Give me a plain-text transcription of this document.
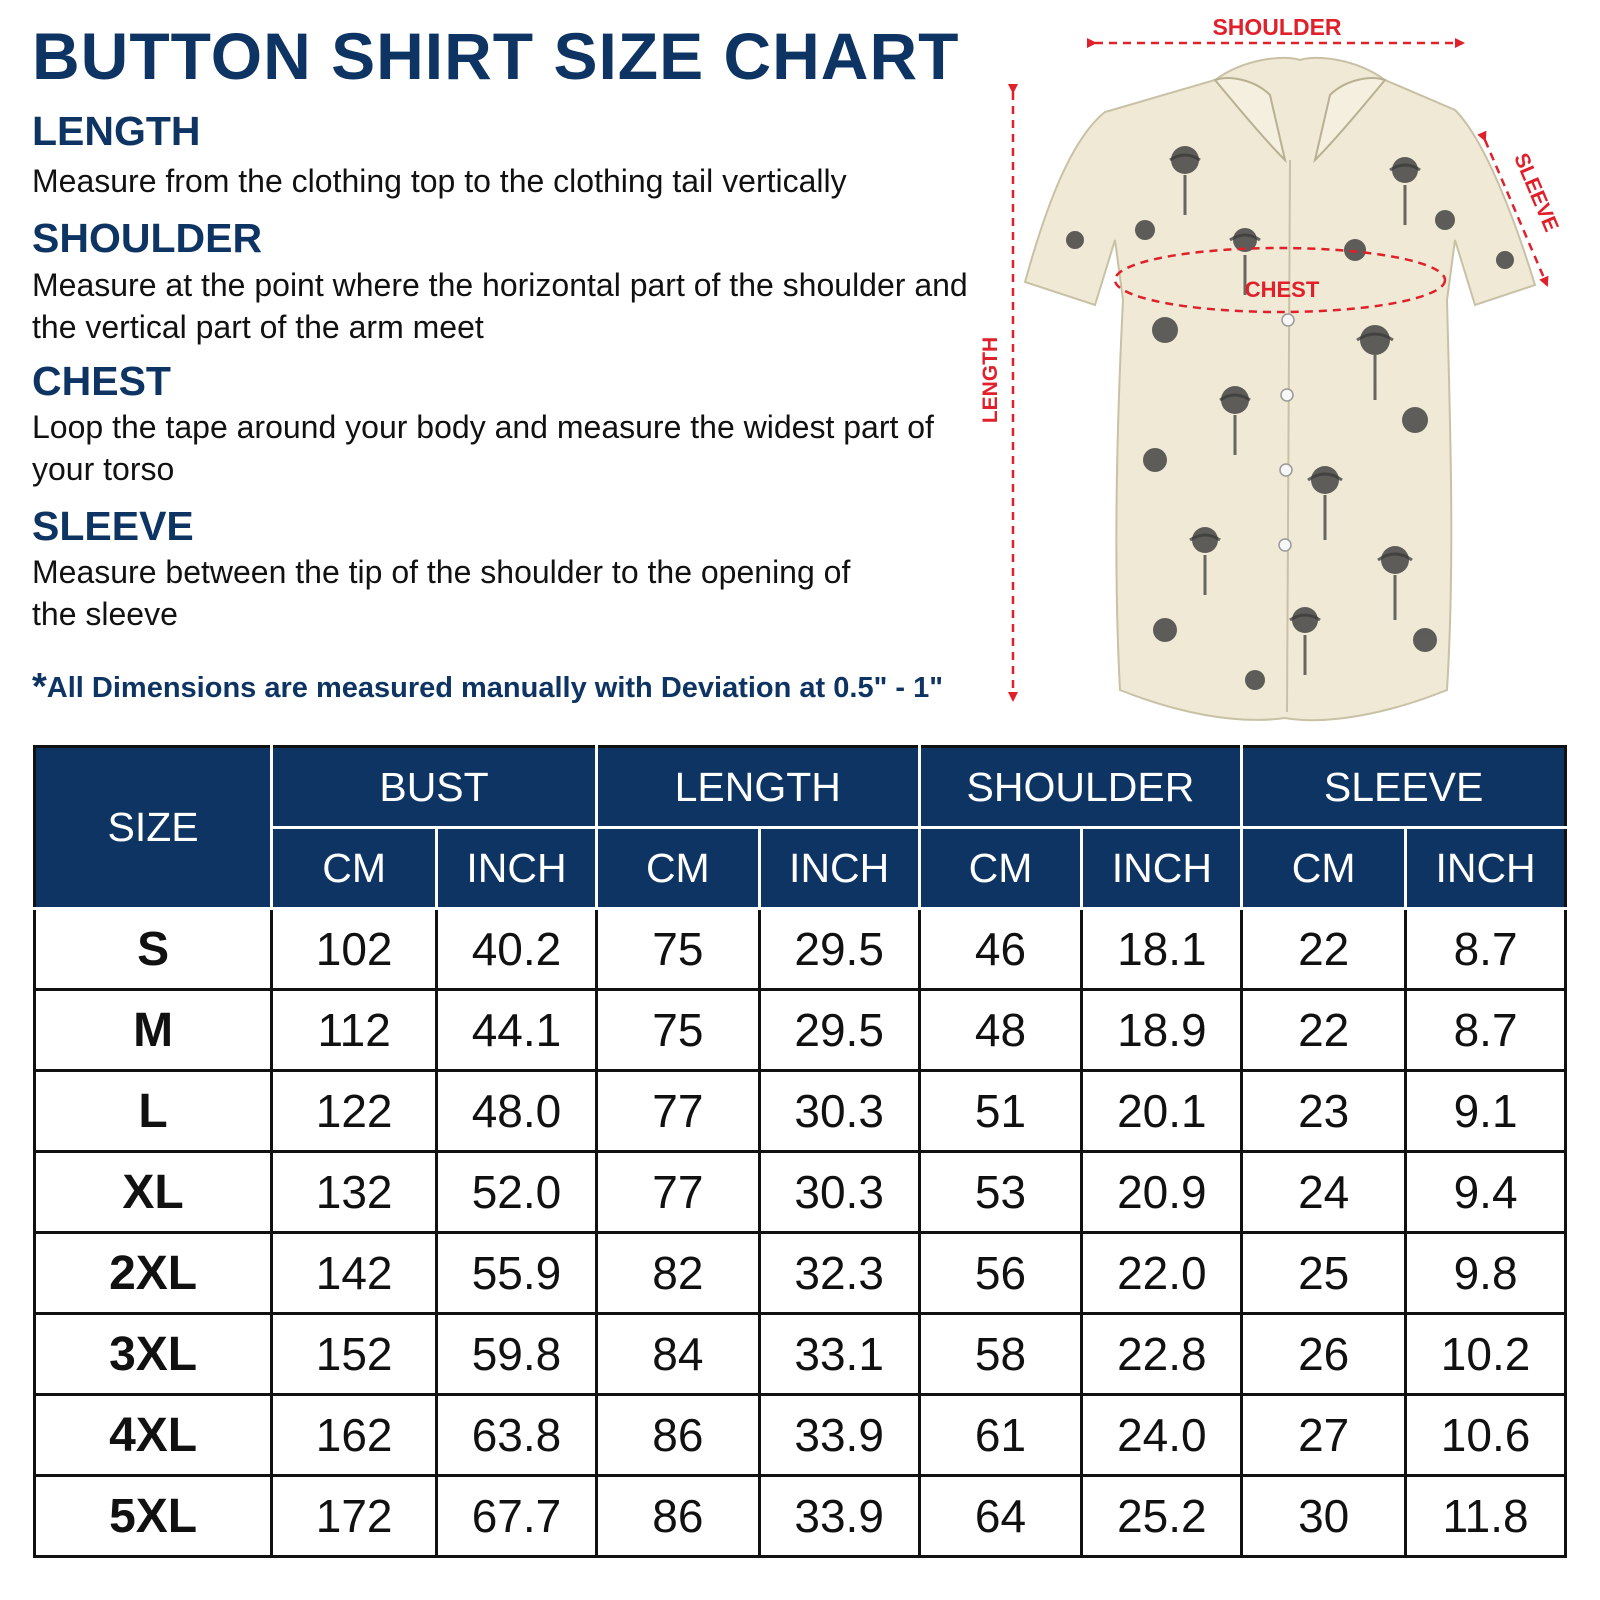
BUTTON SHIRT SIZE CHART
LENGTH
Measure from the clothing top to the clothing tail vertically
SHOULDER
Measure at the point where the horizontal part of the shoulder and the vertical part of the arm meet
CHEST
Loop the tape around your body and measure the widest part of your torso
SLEEVE
Measure between the tip of the shoulder to the opening of the sleeve
*All Dimensions are measured manually with Deviation at 0.5" - 1"
SHOULDER
LENGTH
CHEST
SLEEVE
SIZE	BUST		LENGTH		SHOULDER		SLEEVE	
	CM	INCH	CM	INCH	CM	INCH	CM	INCH
S	102	40.2	75	29.5	46	18.1	22	8.7
M	112	44.1	75	29.5	48	18.9	22	8.7
L	122	48.0	77	30.3	51	20.1	23	9.1
XL	132	52.0	77	30.3	53	20.9	24	9.4
2XL	142	55.9	82	32.3	56	22.0	25	9.8
3XL	152	59.8	84	33.1	58	22.8	26	10.2
4XL	162	63.8	86	33.9	61	24.0	27	10.6
5XL	172	67.7	86	33.9	64	25.2	30	11.8
